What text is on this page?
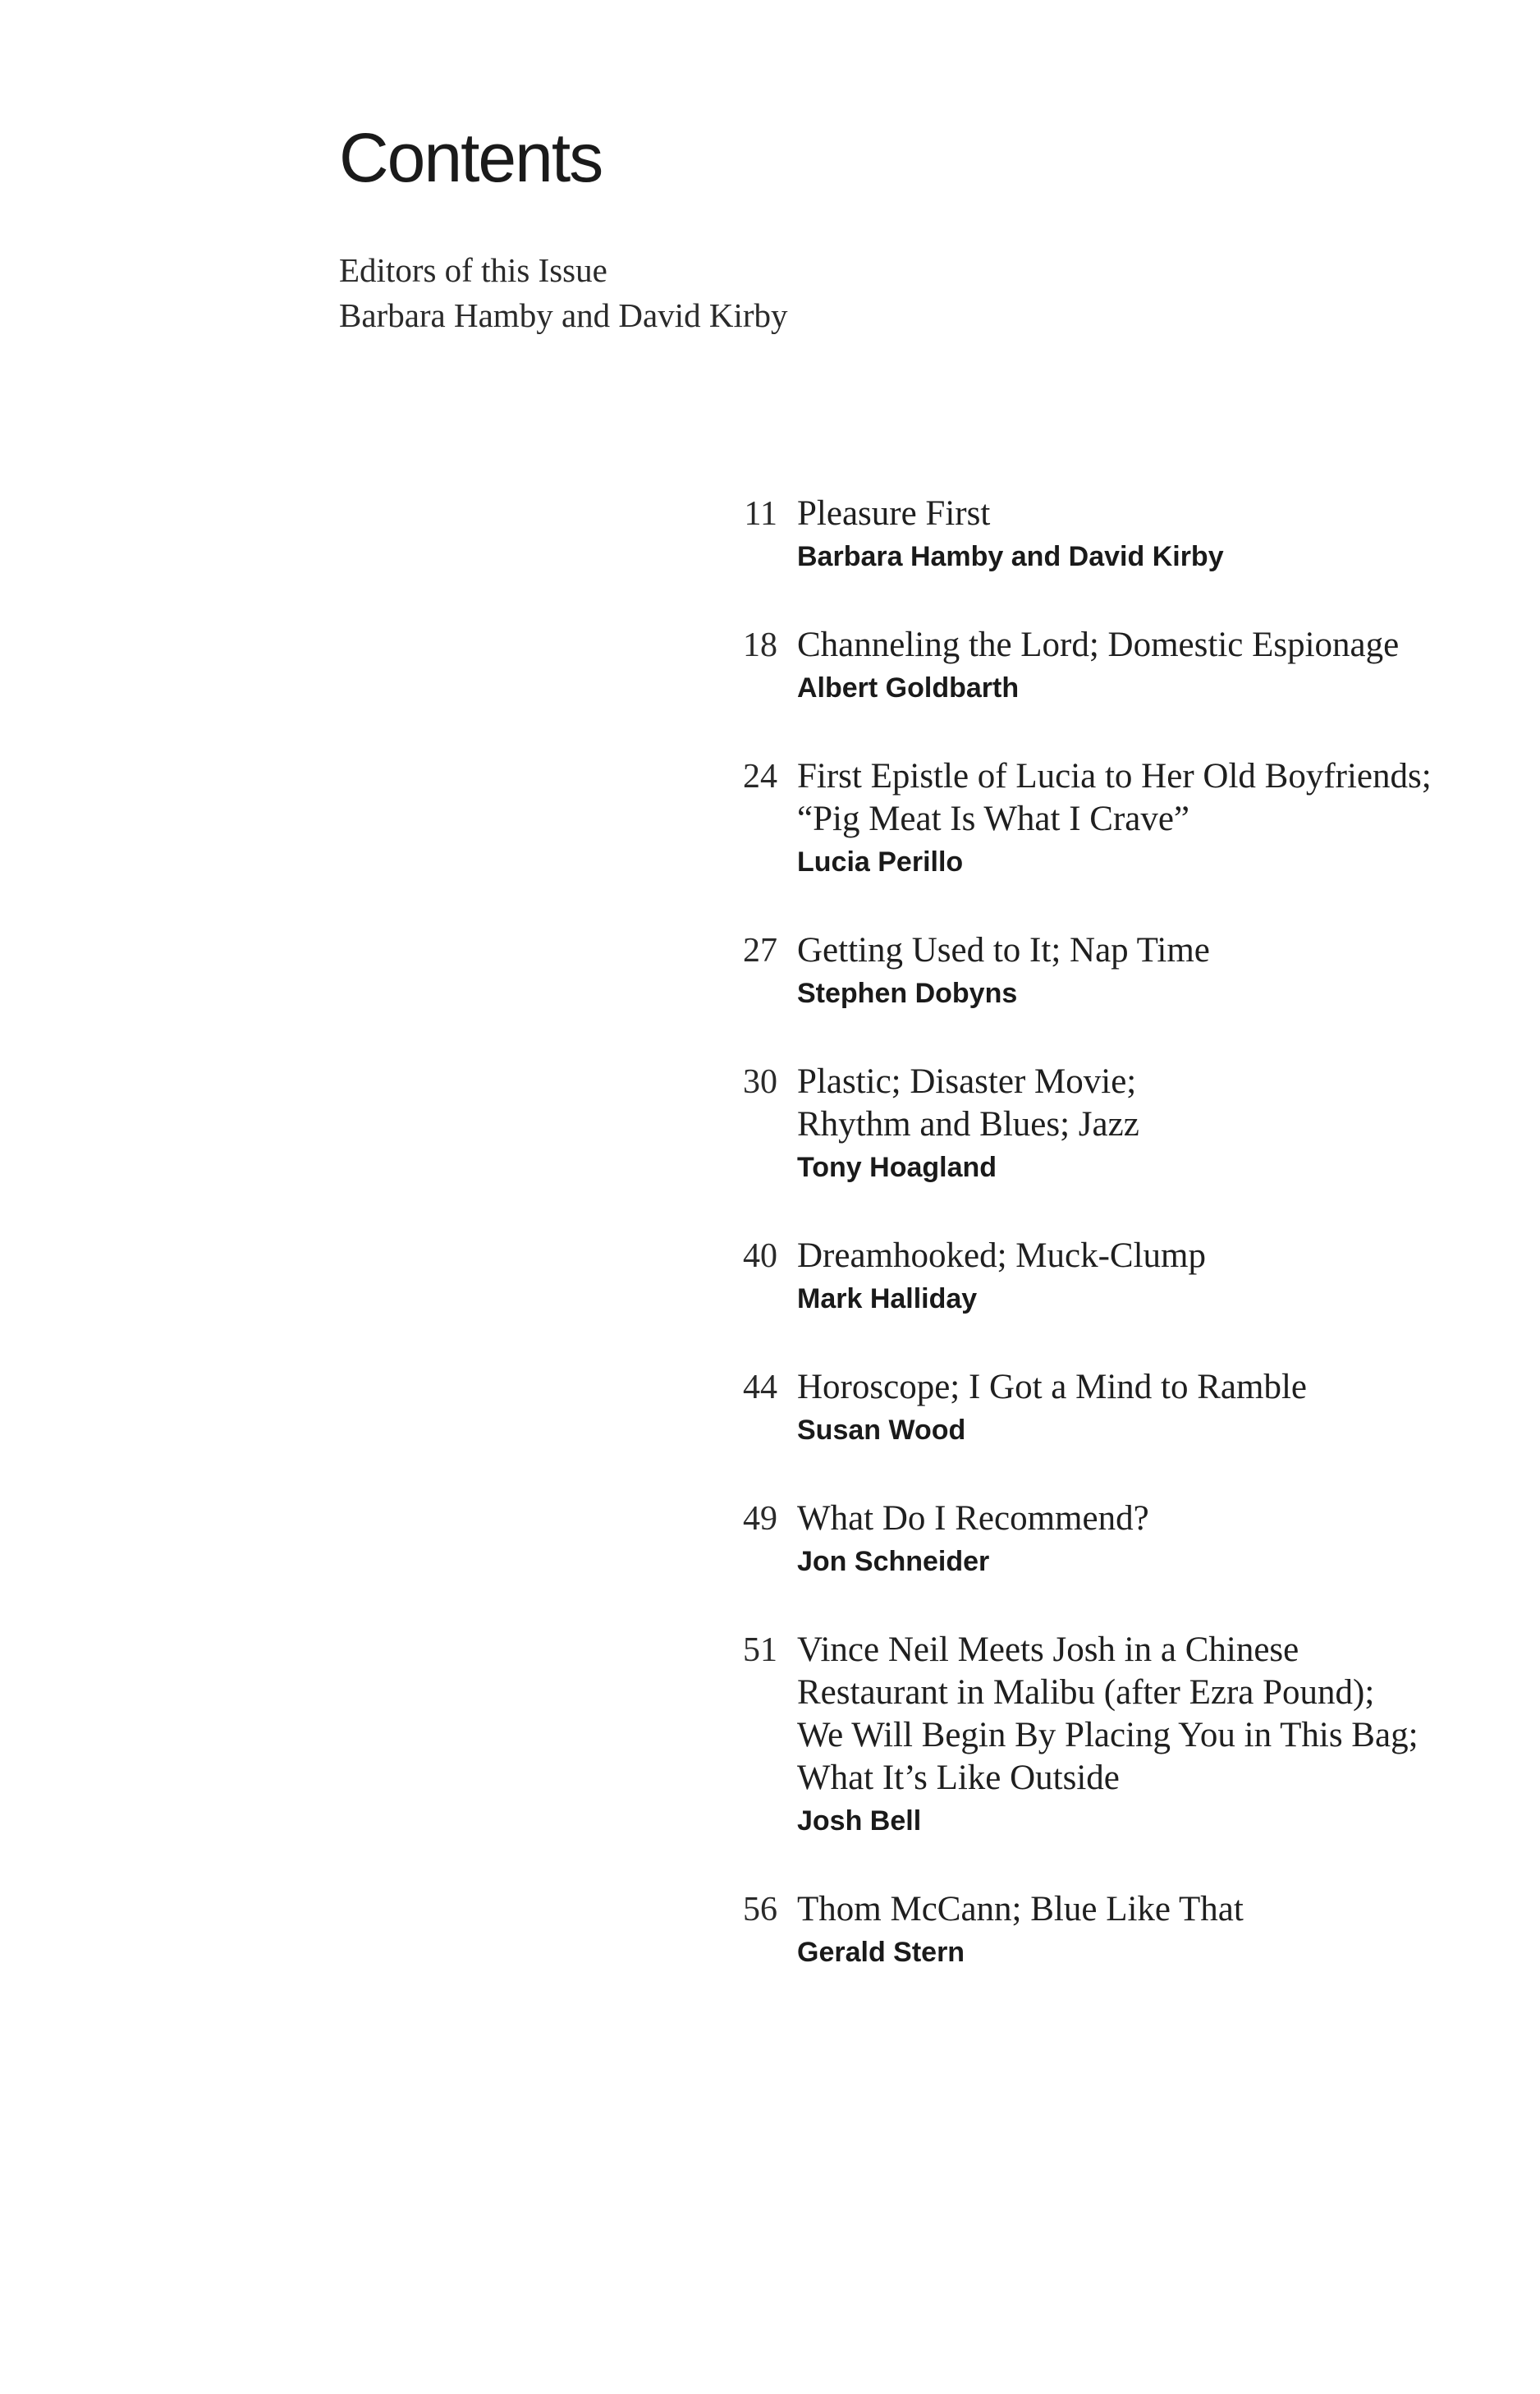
Contents
Editors of this Issue
Barbara Hamby and David Kirby
11 Pleasure First
Barbara Hamby and David Kirby
18 Channeling the Lord; Domestic Espionage
Albert Goldbarth
24 First Epistle of Lucia to Her Old Boyfriends;
“Pig Meat Is What I Crave”
Lucia Perillo
27 Getting Used to It; Nap Time
Stephen Dobyns
30 Plastic; Disaster Movie;
Rhythm and Blues; Jazz
Tony Hoagland
40 Dreamhooked; Muck-Clump
Mark Halliday
44 Horoscope; I Got a Mind to Ramble
Susan Wood
49 What Do I Recommend?
Jon Schneider
51 Vince Neil Meets Josh in a Chinese
Restaurant in Malibu (after Ezra Pound);
We Will Begin By Placing You in This Bag;
What It’s Like Outside
Josh Bell
56 Thom McCann; Blue Like That
Gerald Stern
